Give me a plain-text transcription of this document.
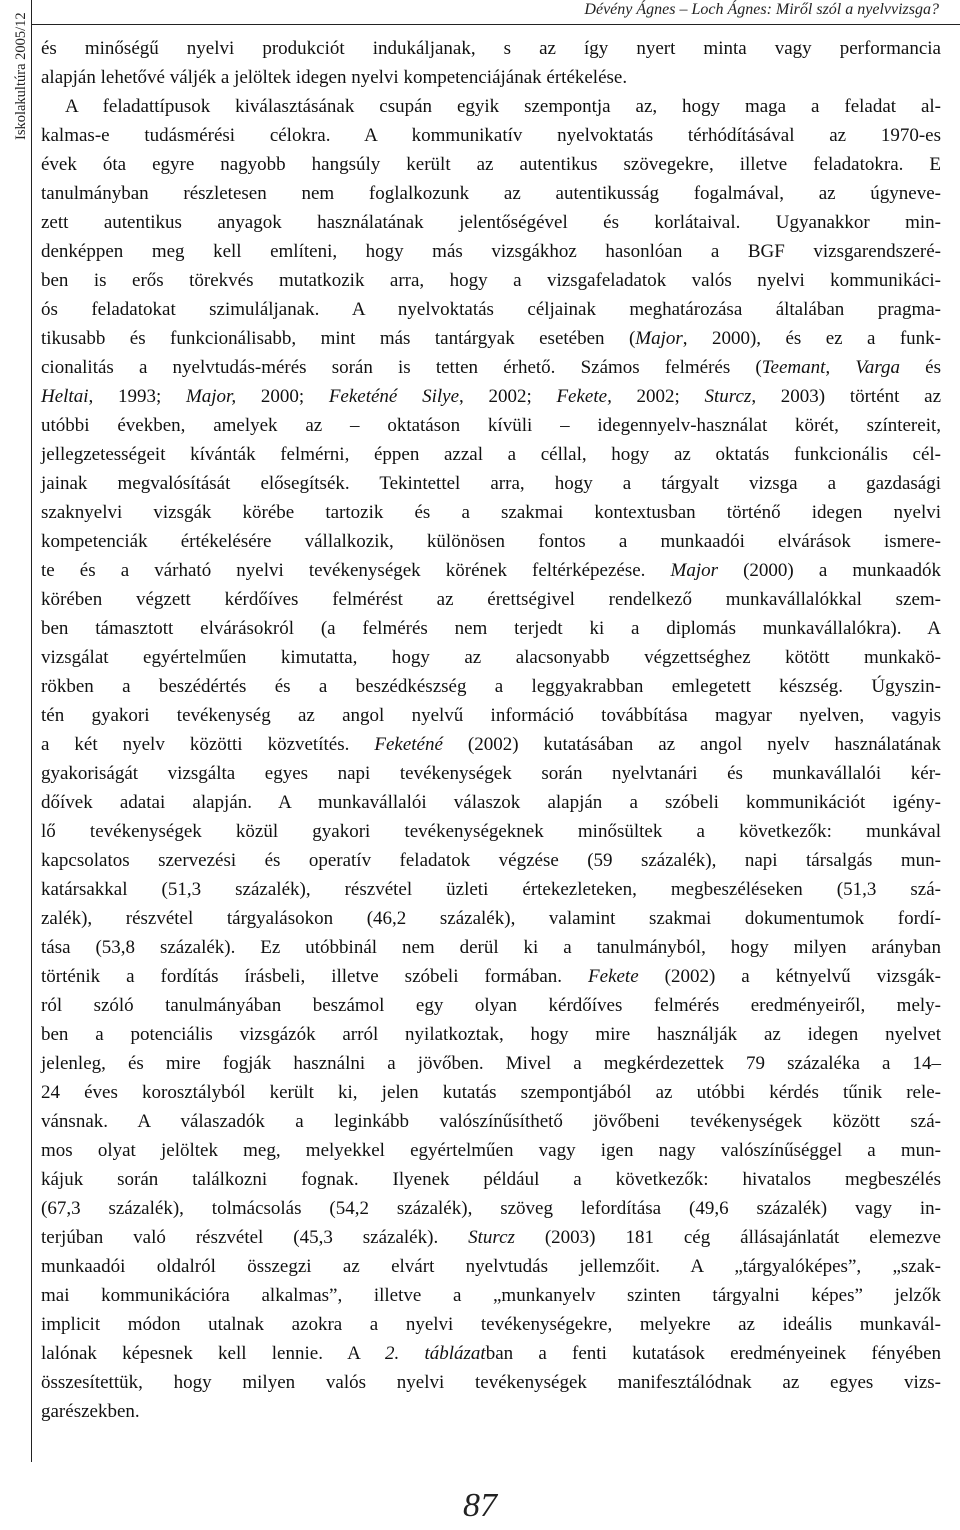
Iskolakultúra 2005/12
Dévény Ágnes – Loch Ágnes: Miről szól a nyelvvizsga?
és minőségű nyelvi produkciót indukáljanak, s az így nyert minta vagy performancia
alapján lehetővé váljék a jelöltek idegen nyelvi kompetenciájának értékelése.
A feladattípusok kiválasztásának csupán egyik szempontja az, hogy maga a feladat al-
kalmas-e tudásmérési célokra. A kommunikatív nyelvoktatás térhódításával az 1970-es
évek óta egyre nagyobb hangsúly került az autentikus szövegekre, illetve feladatokra. E
tanulmányban részletesen nem foglalkozunk az autentikusság fogalmával, az úgyneve-
zett autentikus anyagok használatának jelentőségével és korlátaival. Ugyanakkor min-
denképpen meg kell említeni, hogy más vizsgákhoz hasonlóan a BGF vizsgarendszeré-
ben is erős törekvés mutatkozik arra, hogy a vizsgafeladatok valós nyelvi kommunikáci-
ós feladatokat szimuláljanak. A nyelvoktatás céljainak meghatározása általában pragma-
tikusabb és funkcionálisabb, mint más tantárgyak esetében (Major, 2000), és ez a funk-
cionalitás a nyelvtudás-mérés során is tetten érhető. Számos felmérés (Teemant, Varga és
Heltai, 1993; Major, 2000; Feketéné Silye, 2002; Fekete, 2002; Sturcz, 2003) történt az
utóbbi években, amelyek az – oktatáson kívüli – idegennyelv-használat körét, színtereit,
jellegzetességeit kívánták felmérni, éppen azzal a céllal, hogy az oktatás funkcionális cél-
jainak megvalósítását elősegítsék. Tekintettel arra, hogy a tárgyalt vizsga a gazdasági
szaknyelvi vizsgák körébe tartozik és a szakmai kontextusban történő idegen nyelvi
kompetenciák értékelésére vállalkozik, különösen fontos a munkaadói elvárások ismere-
te és a várható nyelvi tevékenységek körének feltérképezése. Major (2000) a munkaadók
körében végzett kérdőíves felmérést az érettségivel rendelkező munkavállalókkal szem-
ben támasztott elvárásokról (a felmérés nem terjedt ki a diplomás munkavállalókra). A
vizsgálat egyértelműen kimutatta, hogy az alacsonyabb végzettséghez kötött munkakö-
rökben a beszédértés és a beszédkészség a leggyakrabban emlegetett készség. Úgyszin-
tén gyakori tevékenység az angol nyelvű információ továbbítása magyar nyelven, vagyis
a két nyelv közötti közvetítés. Feketéné (2002) kutatásában az angol nyelv használatának
gyakoriságát vizsgálta egyes napi tevékenységek során nyelvtanári és munkavállalói kér-
dőívek adatai alapján. A munkavállalói válaszok alapján a szóbeli kommunikációt igény-
lő tevékenységek közül gyakori tevékenységeknek minősültek a következők: munkával
kapcsolatos szervezési és operatív feladatok végzése (59 százalék), napi társalgás mun-
katársakkal (51,3 százalék), részvétel üzleti értekezleteken, megbeszéléseken (51,3 szá-
zalék), részvétel tárgyalásokon (46,2 százalék), valamint szakmai dokumentumok fordí-
tása (53,8 százalék). Ez utóbbinál nem derül ki a tanulmányból, hogy milyen arányban
történik a fordítás írásbeli, illetve szóbeli formában. Fekete (2002) a kétnyelvű vizsgák-
ról szóló tanulmányában beszámol egy olyan kérdőíves felmérés eredményeiről, mely-
ben a potenciális vizsgázók arról nyilatkoztak, hogy mire használják az idegen nyelvet
jelenleg, és mire fogják használni a jövőben. Mivel a megkérdezettek 79 százaléka a 14–
24 éves korosztályból került ki, jelen kutatás szempontjából az utóbbi kérdés tűnik rele-
vánsnak. A válaszadók a leginkább valószínűsíthető jövőbeni tevékenységek között szá-
mos olyat jelöltek meg, melyekkel egyértelműen vagy igen nagy valószínűséggel a mun-
kájuk során találkozni fognak. Ilyenek például a következők: hivatalos megbeszélés
(67,3 százalék), tolmácsolás (54,2 százalék), szöveg lefordítása (49,6 százalék) vagy in-
terjúban való részvétel (45,3 százalék). Sturcz (2003) 181 cég állásajánlatát elemezve
munkaadói oldalról összegzi az elvárt nyelvtudás jellemzőit. A „tárgyalóképes”, „szak-
mai kommunikációra alkalmas”, illetve a „munkanyelv szinten tárgyalni képes” jelzők
implicit módon utalnak azokra a nyelvi tevékenységekre, melyekre az ideális munkavál-
lalónak képesnek kell lennie. A 2. táblázatban a fenti kutatások eredményeinek fényében
összesítettük, hogy milyen valós nyelvi tevékenységek manifesztálódnak az egyes vizs-
garészekben.
87
